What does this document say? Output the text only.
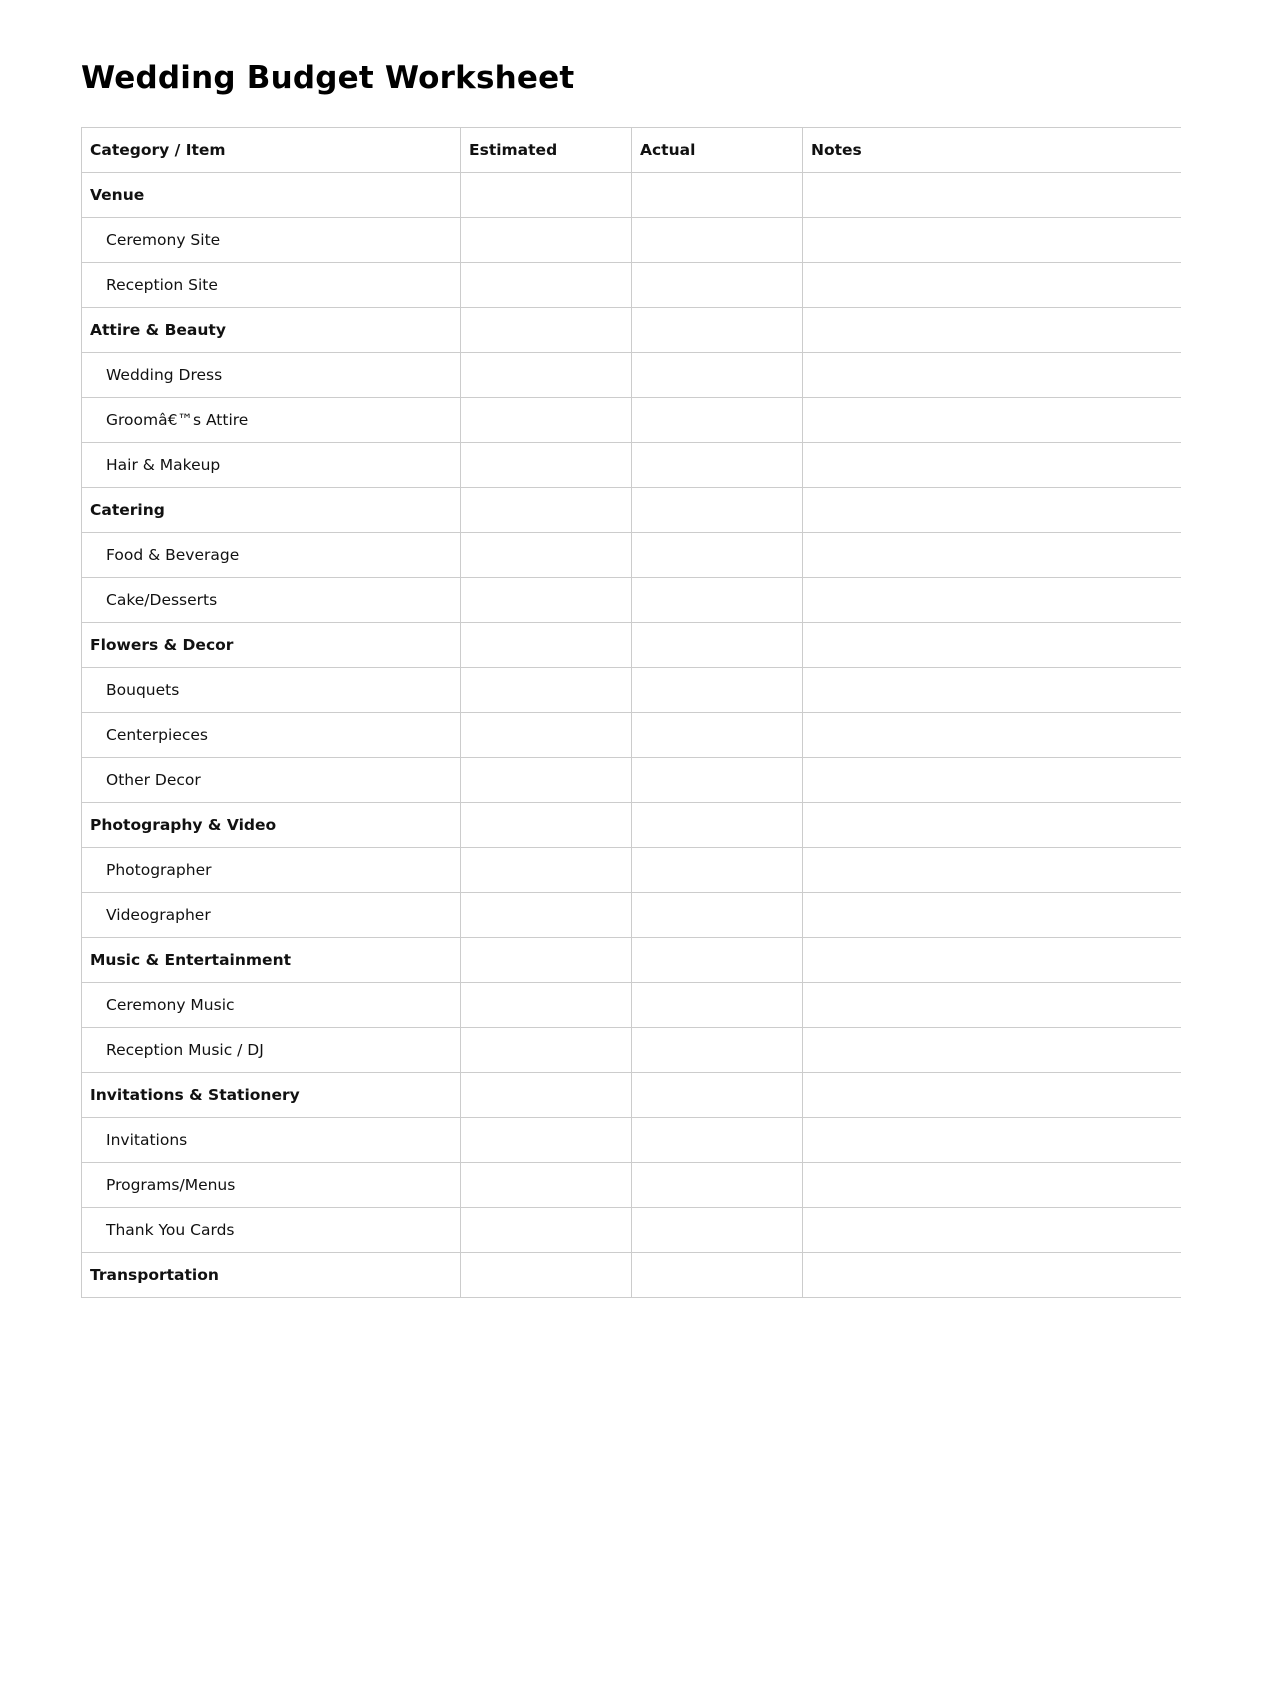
Wedding Budget Worksheet
Category / Item	Estimated	Actual	Notes
Venue			
Ceremony Site			
Reception Site			
Attire & Beauty			
Wedding Dress			
Groomâ€™s Attire			
Hair & Makeup			
Catering			
Food & Beverage			
Cake/Desserts			
Flowers & Decor			
Bouquets			
Centerpieces			
Other Decor			
Photography & Video			
Photographer			
Videographer			
Music & Entertainment			
Ceremony Music			
Reception Music / DJ			
Invitations & Stationery			
Invitations			
Programs/Menus			
Thank You Cards			
Transportation			
